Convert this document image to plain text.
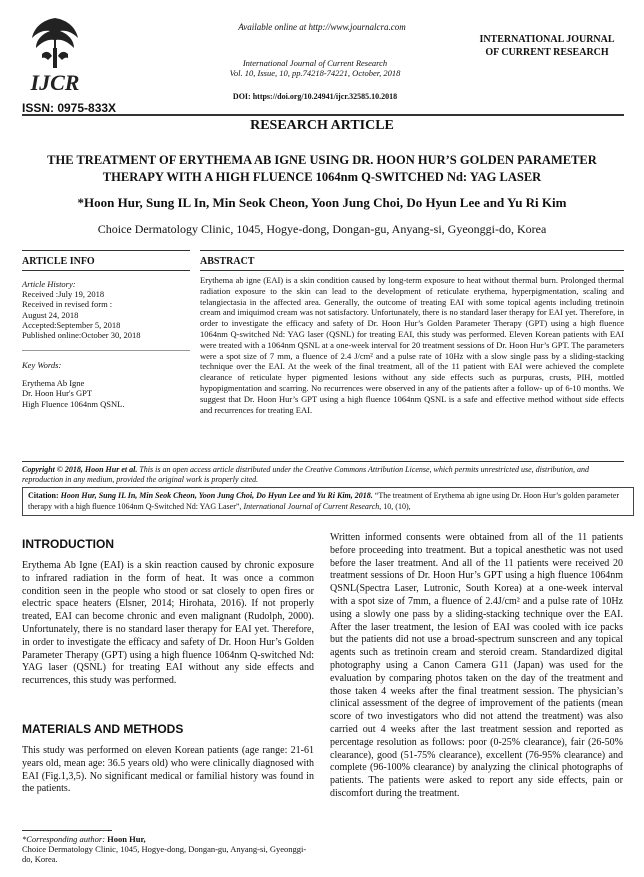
IJCR
ISSN: 0975-833X
Available online at http://www.journalcra.com
International Journal of Current Research
Vol. 10, Issue, 10, pp.74218-74221, October, 2018
DOI: https://doi.org/10.24941/ijcr.32585.10.2018
INTERNATIONAL JOURNAL
OF CURRENT RESEARCH
RESEARCH ARTICLE
THE TREATMENT OF ERYTHEMA AB IGNE USING DR. HOON HUR’S GOLDEN PARAMETER
THERAPY WITH A HIGH FLUENCE 1064nm Q-SWITCHED Nd: YAG LASER
*Hoon Hur, Sung IL In, Min Seok Cheon, Yoon Jung Choi, Do Hyun Lee and Yu Ri Kim
Choice Dermatology Clinic, 1045, Hogye-dong, Dongan-gu, Anyang-si, Gyeonggi-do, Korea
ARTICLE INFO
Article History:
Received :July 19, 2018
Received in revised form :
August 24, 2018
Accepted:September 5, 2018
Published online:October 30, 2018
Key Words:
Erythema Ab Igne
Dr. Hoon Hur's GPT
High Fluence 1064nm QSNL.
ABSTRACT
Erythema ab igne (EAI) is a skin condition caused by long-term exposure to heat without thermal burn. Prolonged thermal radiation exposure to the skin can lead to the development of reticulate erythema, hyperpigmentation, scaling and telangiectasia in the affected area. Generally, the outcome of treating EAI with some topical agents including tretinoin cream and imiquimod cream was not satisfactory. Unfortunately, there is no standard laser therapy for EAI yet. Therefore, in order to investigate the efficacy and safety of Dr. Hoon Hur’s Golden Parameter Therapy (GPT) using a high fluence 1064nm Q-switched Nd: YAG laser (QSNL) for treating EAI, this study was performed. Eleven Korean patients with EAI were treated with a 1064nm QSNL at a one-week interval for 20 treatment sessions of Dr. Hoon Hur’s GPT. The parameters were a spot size of 7 mm, a fluence of 2.4 J/cm² and a pulse rate of 10Hz with a slow single pass by a sliding-stacking technique over the EAI. At the week of the final treatment, all of the 11 patient with EAI were achieved the complete clearance of reticulate hyper pigmented lesions without any side effects such as purpuras, crusts, PIH, mottled hypopigmentation and scarring. No recurrences were observed in any of the patients after a follow- up of 6-10 months. We suggest that Dr. Hoon Hur’s GPT using a high fluence 1064nm QSNL is a safe and effective method without side effects and recurrences for treating EAI.
Copyright © 2018, Hoon Hur et al. This is an open access article distributed under the Creative Commons Attribution License, which permits unrestricted use, distribution, and reproduction in any medium, provided the original work is properly cited.
Citation: Hoon Hur, Sung IL In, Min Seok Cheon, Yoon Jung Choi, Do Hyun Lee and Yu Ri Kim, 2018. “The treatment of Erythema ab igne using Dr. Hoon Hur’s golden parameter therapy with a high fluence 1064nm Q-Switched Nd: YAG Laser”, International Journal of Current Research, 10, (10),
INTRODUCTION
Erythema Ab Igne (EAI) is a skin reaction caused by chronic exposure to infrared radiation in the form of heat. It was once a common condition seen in the people who stood or sat closely to open fires or electric space heaters (Elsner, 2014; Hirohata, 2016). If not properly treated, EAI can become chronic and even malignant (Rudolph, 2000). Unfortunately, there is no standard laser therapy for EAI yet. Therefore, in order to investigate the efficacy and safety of Dr. Hoon Hur’s Golden Parameter Therapy (GPT) using a high fluence 1064nm Q-switched Nd: YAG laser (QSNL) for treating EAI without any side effects and recurrences, this study was performed.
MATERIALS AND METHODS
This study was performed on eleven Korean patients (age range: 21-61 years old, mean age: 36.5 years old) who were clinically diagnosed with EAI (Fig.1,3,5). No significant medical or familial history was found in the patients.
*Corresponding author: Hoon Hur,
Choice Dermatology Clinic, 1045, Hogye-dong, Dongan-gu, Anyang-si, Gyeonggi-do, Korea.
Written informed consents were obtained from all of the 11 patients before proceeding into treatment. But a topical anesthetic was not used before the laser treatment. And all of the 11 patients were received 20 treatment sessions of Dr. Hoon Hur’s GPT using a high fluence 1064nm QSNL(Spectra Laser, Lutronic, South Korea) at a one-week interval with a spot size of 7mm, a fluence of 2.4J/cm² and a pulse rate of 10Hz using a slowly one pass by a sliding-stacking technique over the EAI. After the laser treatment, the lesion of EAI was cooled with ice packs but the patients did not use a broad-spectrum sunscreen and any topical agents such as tretinoin cream and steroid cream. Standardized digital photography using a Canon Camera G11 (Japan) was used for the evaluation by comparing photos taken on the day of the treatment and those taken 4 weeks after the final treatment session. The physician’s clinical assessment of the degree of improvement of the patients (mean score of two investigators who did not attend the treatment) was also carried out 4 weeks after the last treatment session and reported as percentage resolution as follows: poor (0-25% clearance), fair (26-50% clearance), good (51-75% clearance), excellent (76-95% clearance) and complete (96-100% clearance) by analyzing the clinical photographs of patients. The patients were asked to report any side effects, pain or discomfort during the treatment.
